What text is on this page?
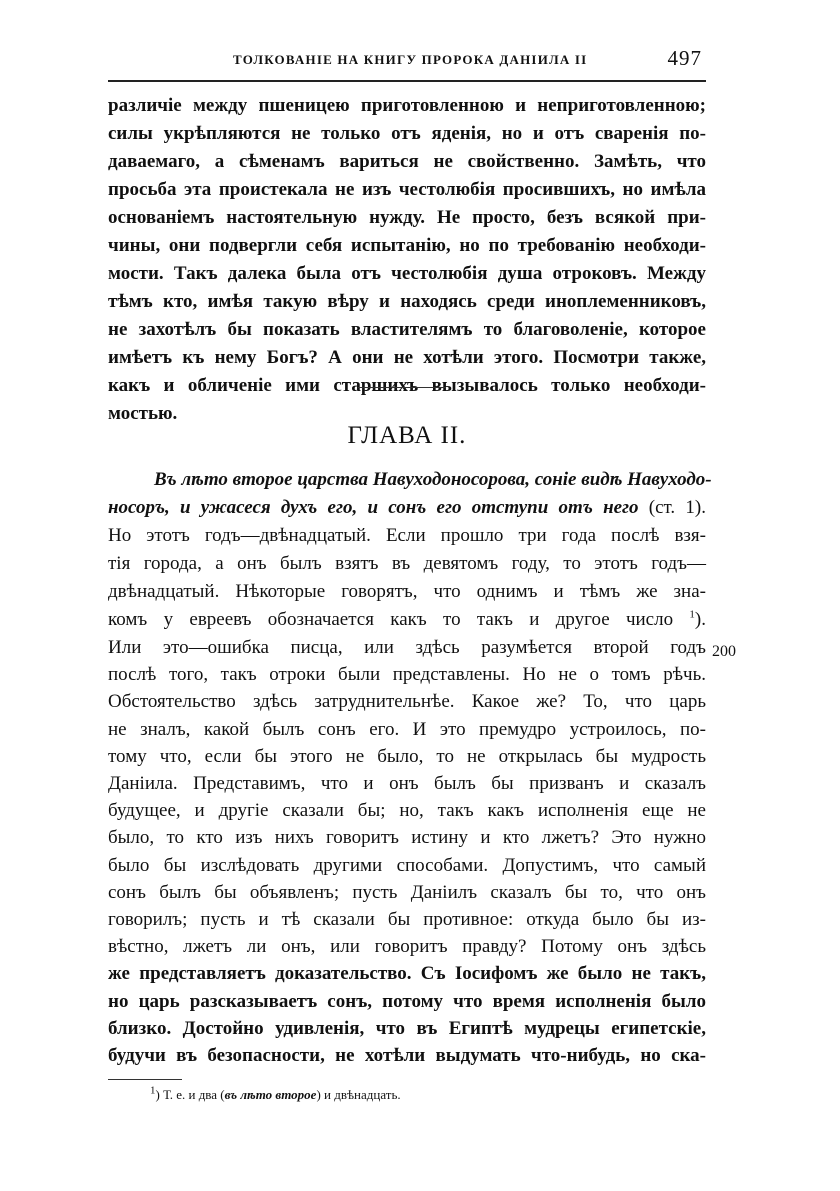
ТОЛКОВАНІЕ НА КНИГУ ПРОРОКА ДАНІИЛА II	497
различіе между пшеницею приготовленною и неприготовленною;
силы укрѣпляются не только отъ яденія, но и отъ сваренія по-
даваемаго, а сѣменамъ вариться не свойственно. Замѣть, что
просьба эта проистекала не изъ честолюбія просившихъ, но имѣла
основаніемъ настоятельную нужду. Не просто, безъ всякой при-
чины, они подвергли себя испытанію, но по требованію необходи-
мости. Такъ далека была отъ честолюбія душа отроковъ. Между
тѣмъ кто, имѣя такую вѣру и находясь среди иноплеменниковъ,
не захотѣлъ бы показать властителямъ то благоволеніе, которое
имѣетъ къ нему Богъ? А они не хотѣли этого. Посмотри также,
какъ и обличеніе ими старшихъ вызывалось только необходи-
мостью.
ГЛАВА II.
Въ лѣто второе царства Навуходоносорова, соніе видѣ Навуходо-
носоръ, и ужасеся духъ его, и сонъ его отступи отъ него (ст. 1).
Но этотъ годъ—двѣнадцатый. Если прошло три года послѣ взя-
тія города, а онъ былъ взятъ въ девятомъ году, то этотъ годъ—
двѣнадцатый. Нѣкоторые говорятъ, что однимъ и тѣмъ же зна-
комъ у евреевъ обозначается какъ то такъ и другое число $^1$).
Или это—ошибка писца, или здѣсь разумѣется второй годъ
послѣ того, такъ отроки были представлены. Но не о томъ рѣчь.
Обстоятельство здѣсь затруднительнѣе. Какое же? То, что царь
не зналъ, какой былъ сонъ его. И это премудро устроилось, по-
тому что, если бы этого не было, то не открылась бы мудрость
Даніила. Представимъ, что и онъ былъ бы призванъ и сказалъ
будущее, и другіе сказали бы; но, такъ какъ исполненія еще не
было, то кто изъ нихъ говоритъ истину и кто лжетъ? Это нужно
было бы изслѣдовать другими способами. Допустимъ, что самый
сонъ былъ бы объявленъ; пусть Даніилъ сказалъ бы то, что онъ
говорилъ; пусть и тѣ сказали бы противное: откуда было бы из-
вѣстно, лжетъ ли онъ, или говоритъ правду? Потому онъ здѣсь
же представляетъ доказательство. Съ Іосифомъ же было не такъ,
но царь разсказываетъ сонъ, потому что время исполненія было
близко. Достойно удивленія, что въ Египтѣ мудрецы египетскіе,
будучи въ безопасности, не хотѣли выдумать что-нибудь, но ска-
200
$^1$) Т. е. и два (въ лѣто второе) и двѣнадцать.
